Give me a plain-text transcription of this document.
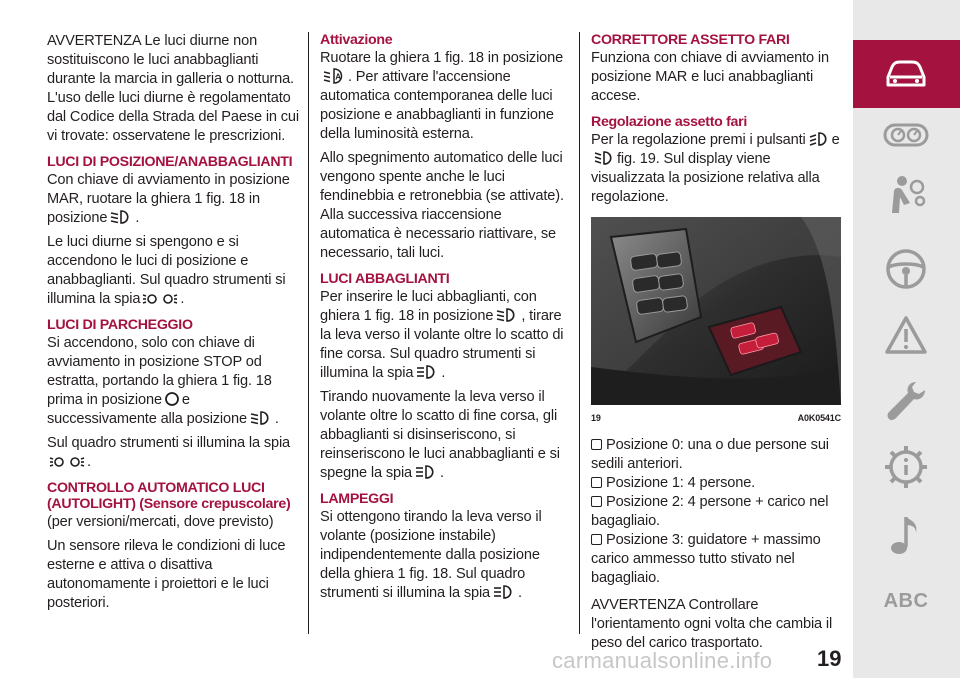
AVVERTENZA Le luci diurne non sostituiscono le luci anabbaglianti durante la marcia in galleria o notturna. L'uso delle luci diurne è regolamentato dal Codice della Strada del Paese in cui vi trovate: osservatene le prescrizioni.
LUCI DI POSIZIONE/ANABBAGLIANTI
Con chiave di avviamento in posizione MAR, ruotare la ghiera 1 fig. 18 in posizione .
Le luci diurne si spengono e si accendono le luci di posizione e anabbaglianti. Sul quadro strumenti si illumina la spia	.
LUCI DI PARCHEGGIO
Si accendono, solo con chiave di avviamento in posizione STOP od estratta, portando la ghiera 1 fig. 18 prima in posizione e successivamente alla posizione .
Sul quadro strumenti si illumina la spia
.
CONTROLLO AUTOMATICO LUCI (AUTOLIGHT) (Sensore crepuscolare)
(per versioni/mercati, dove previsto)
Un sensore rileva le condizioni di luce esterne e attiva o disattiva autonomamente i proiettori e le luci posteriori.
Attivazione
Ruotare la ghiera 1 fig. 18 in posizione

A . Per attivare l'accensione automatica contemporanea delle luci posizione e anabbaglianti in funzione della luminosità esterna.
Allo spegnimento automatico delle luci vengono spente anche le luci fendinebbia e retronebbia (se attivate). Alla successiva riaccensione automatica è necessario riattivare, se necessario, tali luci.
LUCI ABBAGLIANTI
Per inserire le luci abbaglianti, con ghiera 1 fig. 18 in posizione , tirare la leva verso il volante oltre lo scatto di fine corsa. Sul quadro strumenti si illumina la spia .
Tirando nuovamente la leva verso il volante oltre lo scatto di fine corsa, gli abbaglianti si disinseriscono, si reinseriscono le luci anabbaglianti e si spegne la spia .
LAMPEGGI
Si ottengono tirando la leva verso il volante (posizione instabile) indipendentemente dalla posizione della ghiera 1 fig. 18. Sul quadro strumenti si illumina la spia .
CORRETTORE ASSETTO FARI
Funziona con chiave di avviamento in posizione MAR e luci anabbaglianti accese.
Regolazione assetto fari
Per la regolazione premi i pulsanti e

fig. 19. Sul display viene visualizzata la posizione relativa alla regolazione.
19	A0K0541C
Posizione 0: una o due persone sui sedili anteriori.
Posizione 1: 4 persone.
Posizione 2: 4 persone + carico nel bagagliaio.
Posizione 3: guidatore + massimo carico ammesso tutto stivato nel bagagliaio.
AVVERTENZA Controllare l'orientamento ogni volta che cambia il peso del carico trasportato.
ABC
carmanualsonline.info 19
